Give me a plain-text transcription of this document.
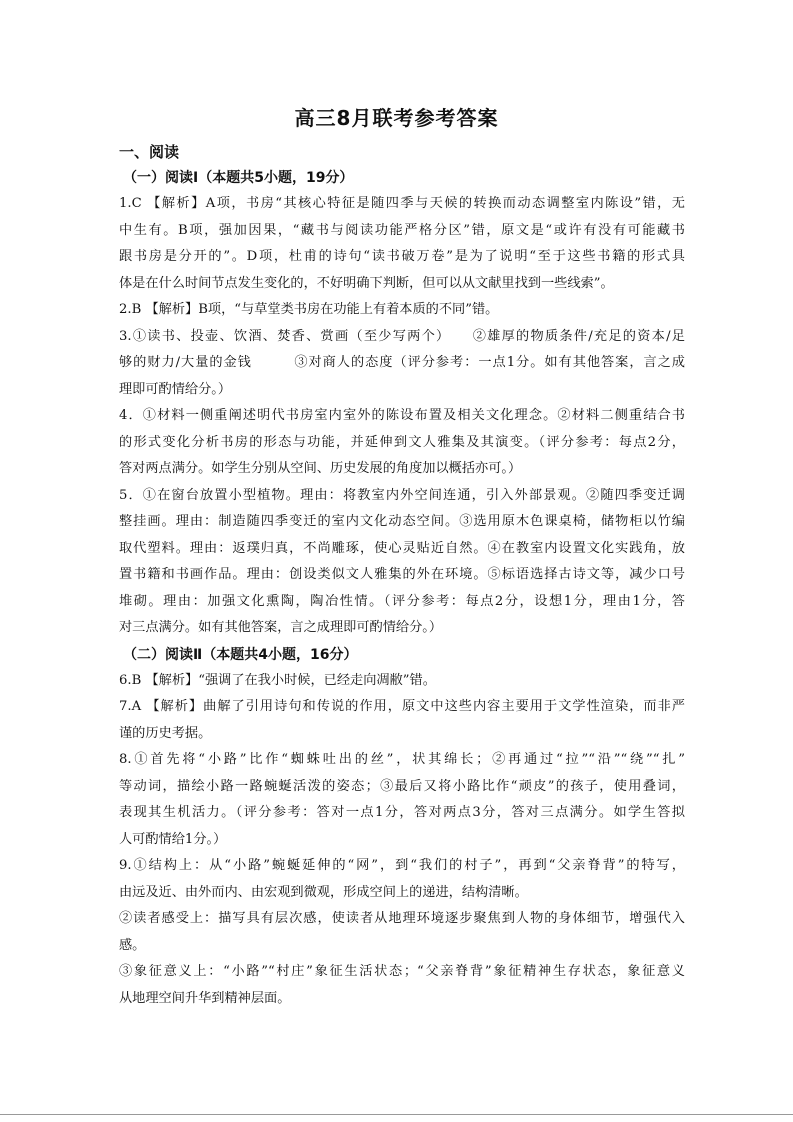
高三8月联考参考答案
一、阅读
（一）阅读Ⅰ（本题共5小题，19分）
1.C 【解析】A项，书房“其核心特征是随四季与天候的转换而动态调整室内陈设”错，无
中生有。B项，强加因果，“藏书与阅读功能严格分区”错，原文是“或许有没有可能藏书
跟书房是分开的”。D项，杜甫的诗句“读书破万卷”是为了说明“至于这些书籍的形式具
体是在什么时间节点发生变化的，不好明确下判断，但可以从文献里找到一些线索”。
2.B 【解析】B项，“与草堂类书房在功能上有着本质的不同”错。
3.①读书、投壶、饮酒、焚香、赏画（至少写两个）　　②雄厚的物质条件/充足的资本/足
够的财力/大量的金钱　　　③对商人的态度（评分参考：一点1分。如有其他答案，言之成
理即可酌情给分。）
4．①材料一侧重阐述明代书房室内室外的陈设布置及相关文化理念。②材料二侧重结合书
的形式变化分析书房的形态与功能，并延伸到文人雅集及其演变。（评分参考：每点2分，
答对两点满分。如学生分别从空间、历史发展的角度加以概括亦可。）
5．①在窗台放置小型植物。理由：将教室内外空间连通，引入外部景观。②随四季变迁调
整挂画。理由：制造随四季变迁的室内文化动态空间。③选用原木色课桌椅，储物柜以竹编
取代塑料。理由：返璞归真，不尚雕琢，使心灵贴近自然。④在教室内设置文化实践角，放
置书籍和书画作品。理由：创设类似文人雅集的外在环境。⑤标语选择古诗文等，减少口号
堆砌。理由：加强文化熏陶，陶冶性情。（评分参考：每点2分，设想1分，理由1分，答
对三点满分。如有其他答案，言之成理即可酌情给分。）
（二）阅读Ⅱ（本题共4小题，16分）
6.B 【解析】“强调了在我小时候，已经走向凋敝”错。
7.A 【解析】曲解了引用诗句和传说的作用，原文中这些内容主要用于文学性渲染，而非严
谨的历史考据。
8.①首先将“小路”比作“蜘蛛吐出的丝”，状其绵长；②再通过“拉”“沿”“绕”“扎”
等动词，描绘小路一路蜿蜒活泼的姿态；③最后又将小路比作“顽皮”的孩子，使用叠词，
表现其生机活力。（评分参考：答对一点1分，答对两点3分，答对三点满分。如学生答拟
人可酌情给1分。）
9.①结构上：从“小路”蜿蜒延伸的“网”，到“我们的村子”，再到“父亲脊背”的特写，
由远及近、由外而内、由宏观到微观，形成空间上的递进，结构清晰。
②读者感受上：描写具有层次感，使读者从地理环境逐步聚焦到人物的身体细节，增强代入
感。
③象征意义上：“小路”“村庄”象征生活状态；“父亲脊背”象征精神生存状态，象征意义
从地理空间升华到精神层面。
